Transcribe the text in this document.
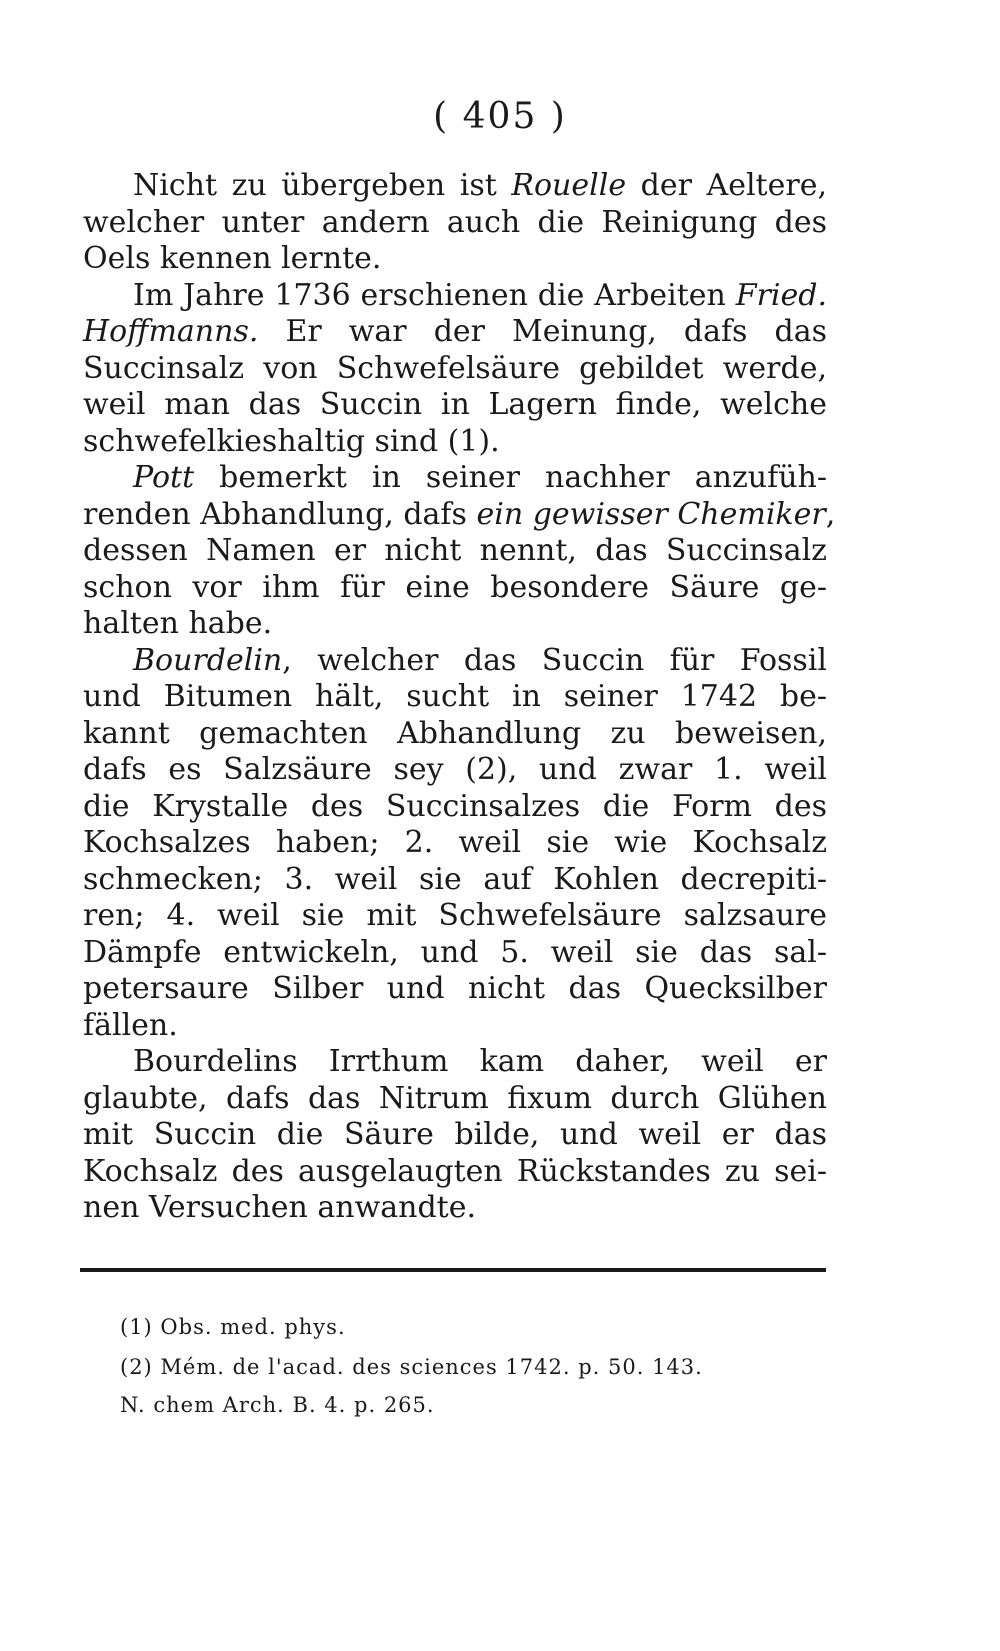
( 405 )
Nicht zu übergeben ist Rouelle der Aeltere,
welcher unter andern auch die Reinigung des
Oels kennen lernte.
Im Jahre 1736 erschienen die Arbeiten Fried.
Hoffmanns. Er war der Meinung, dafs das
Succinsalz von Schwefelsäure gebildet werde,
weil man das Succin in Lagern finde, welche
schwefelkieshaltig sind (1).
Pott bemerkt in seiner nachher anzufüh-
renden Abhandlung, dafs ein gewisser Chemiker,
dessen Namen er nicht nennt, das Succinsalz
schon vor ihm für eine besondere Säure ge-
halten habe.
Bourdelin, welcher das Succin für Fossil
und Bitumen hält, sucht in seiner 1742 be-
kannt gemachten Abhandlung zu beweisen,
dafs es Salzsäure sey (2), und zwar 1. weil
die Krystalle des Succinsalzes die Form des
Kochsalzes haben; 2. weil sie wie Kochsalz
schmecken; 3. weil sie auf Kohlen decrepiti-
ren; 4. weil sie mit Schwefelsäure salzsaure
Dämpfe entwickeln, und 5. weil sie das sal-
petersaure Silber und nicht das Quecksilber
fällen.
Bourdelins Irrthum kam daher, weil er
glaubte, dafs das Nitrum fixum durch Glühen
mit Succin die Säure bilde, und weil er das
Kochsalz des ausgelaugten Rückstandes zu sei-
nen Versuchen anwandte.
(1) Obs. med. phys.
(2) Mém. de l'acad. des sciences 1742. p. 50. 143.
N. chem Arch. B. 4. p. 265.
